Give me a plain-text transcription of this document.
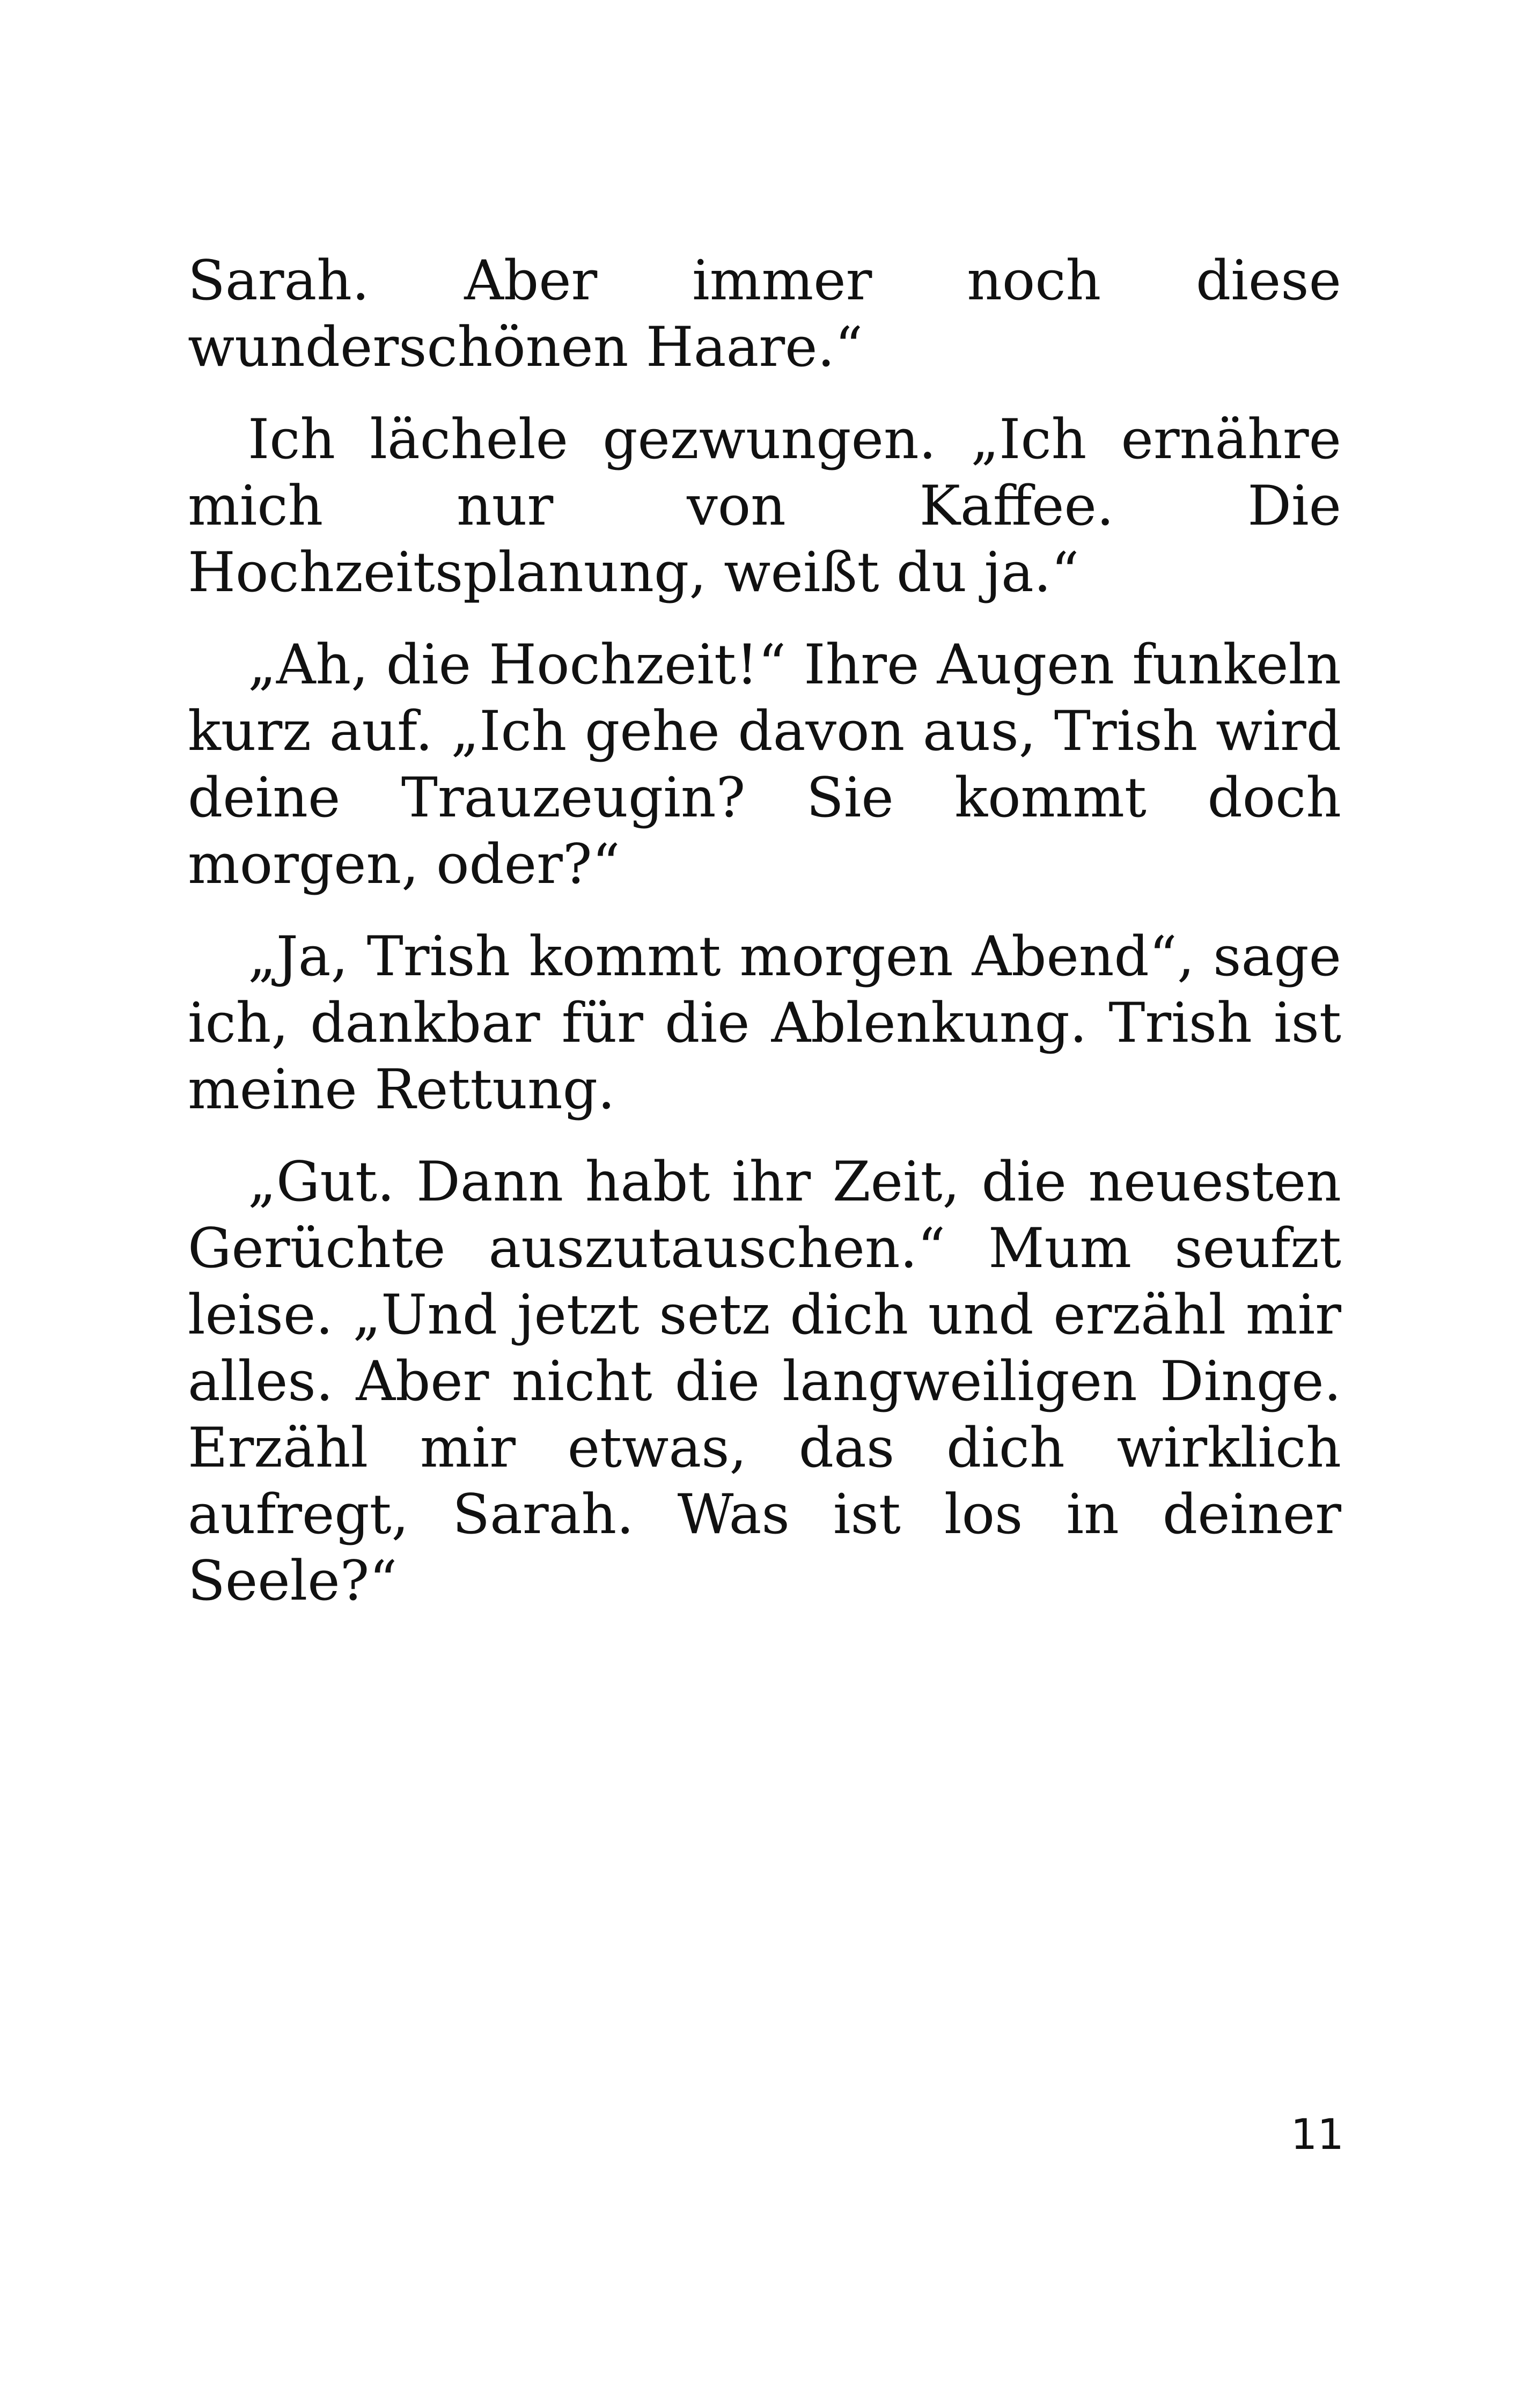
Sarah. Aber immer noch diese wunderschönen Haare.“

Ich lächele gezwungen. „Ich ernähre mich nur von Kaffee. Die Hochzeitsplanung, weißt du ja.“

„Ah, die Hochzeit!“ Ihre Augen funkeln kurz auf. „Ich gehe davon aus, Trish wird deine Trauzeugin? Sie kommt doch morgen, oder?“

„Ja, Trish kommt morgen Abend“, sage ich, dankbar für die Ablenkung. Trish ist meine Rettung.

„Gut. Dann habt ihr Zeit, die neuesten Gerüchte auszutauschen.“ Mum seufzt leise. „Und jetzt setz dich und erzähl mir alles. Aber nicht die langweiligen Dinge. Erzähl mir etwas, das dich wirklich aufregt, Sarah. Was ist los in deiner Seele?“

11
